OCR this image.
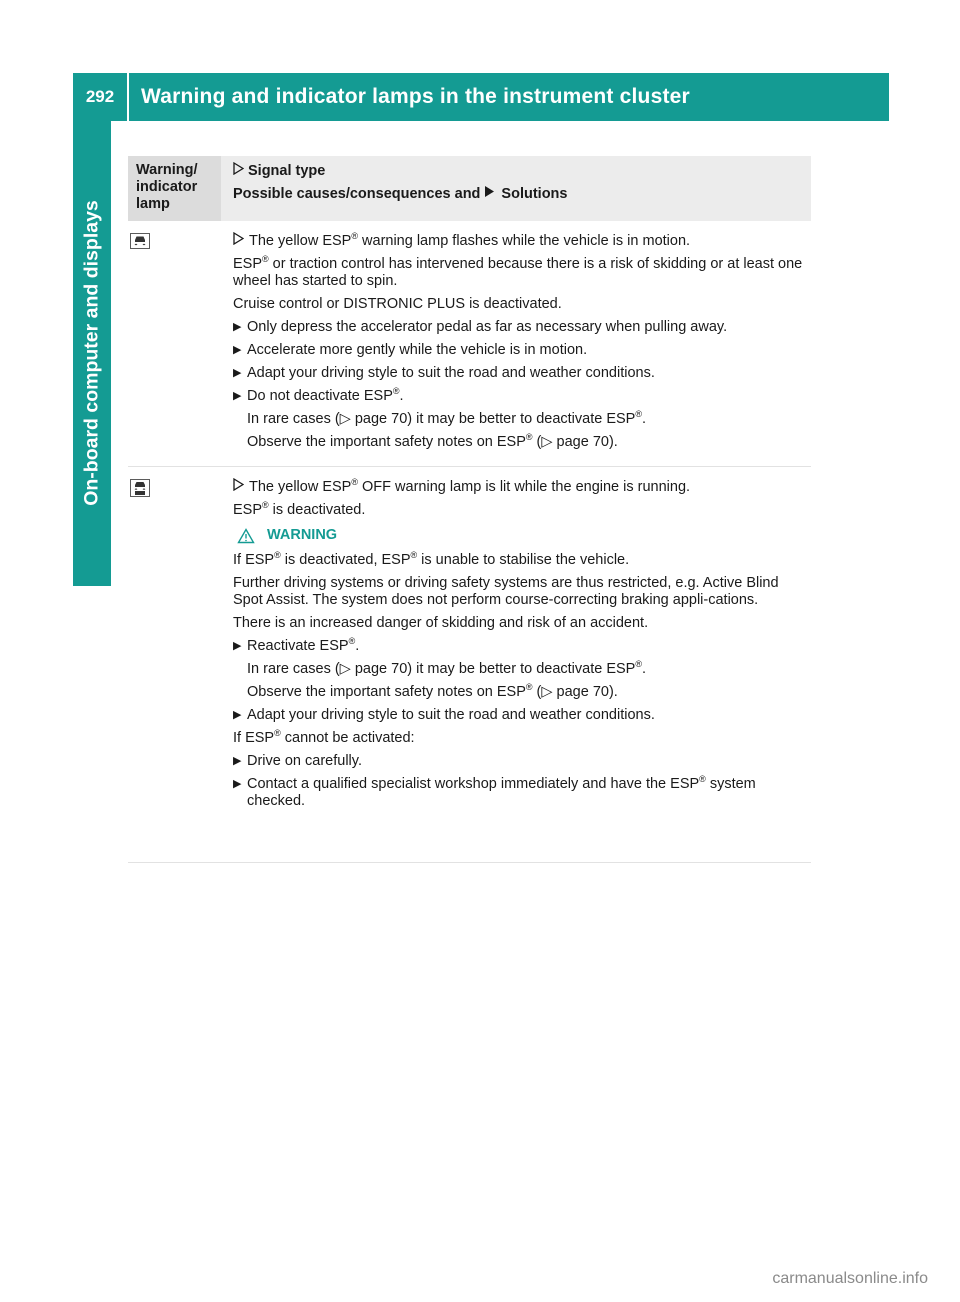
292	Warning and indicator lamps in the instrument cluster
On-board computer and displays
Warning/ indicator lamp
Signal type
Possible causes/consequences and Solutions

The yellow ESP® warning lamp flashes while the vehicle is in motion.

ESP® or traction control has intervened because there is a risk of skidding or at least one wheel has started to spin.

Cruise control or DISTRONIC PLUS is deactivated.

▶ Only depress the accelerator pedal as far as necessary when pulling away.
▶ Accelerate more gently while the vehicle is in motion.
▶ Adapt your driving style to suit the road and weather conditions.
▶ Do not deactivate ESP®.

In rare cases (▷ page 70) it may be better to deactivate ESP®.

Observe the important safety notes on ESP® (▷ page 70).

The yellow ESP® OFF warning lamp is lit while the engine is running.

ESP® is deactivated.

WARNING

If ESP® is deactivated, ESP® is unable to stabilise the vehicle.

Further driving systems or driving safety systems are thus restricted, e.g. Active Blind Spot Assist. The system does not perform course-correcting braking appli-cations.

There is an increased danger of skidding and risk of an accident.

▶ Reactivate ESP®.

In rare cases (▷ page 70) it may be better to deactivate ESP®.

Observe the important safety notes on ESP® (▷ page 70).

▶ Adapt your driving style to suit the road and weather conditions.

If ESP® cannot be activated:

▶ Drive on carefully.
▶ Contact a qualified specialist workshop immediately and have the ESP® system checked.
carmanualsonline.info
